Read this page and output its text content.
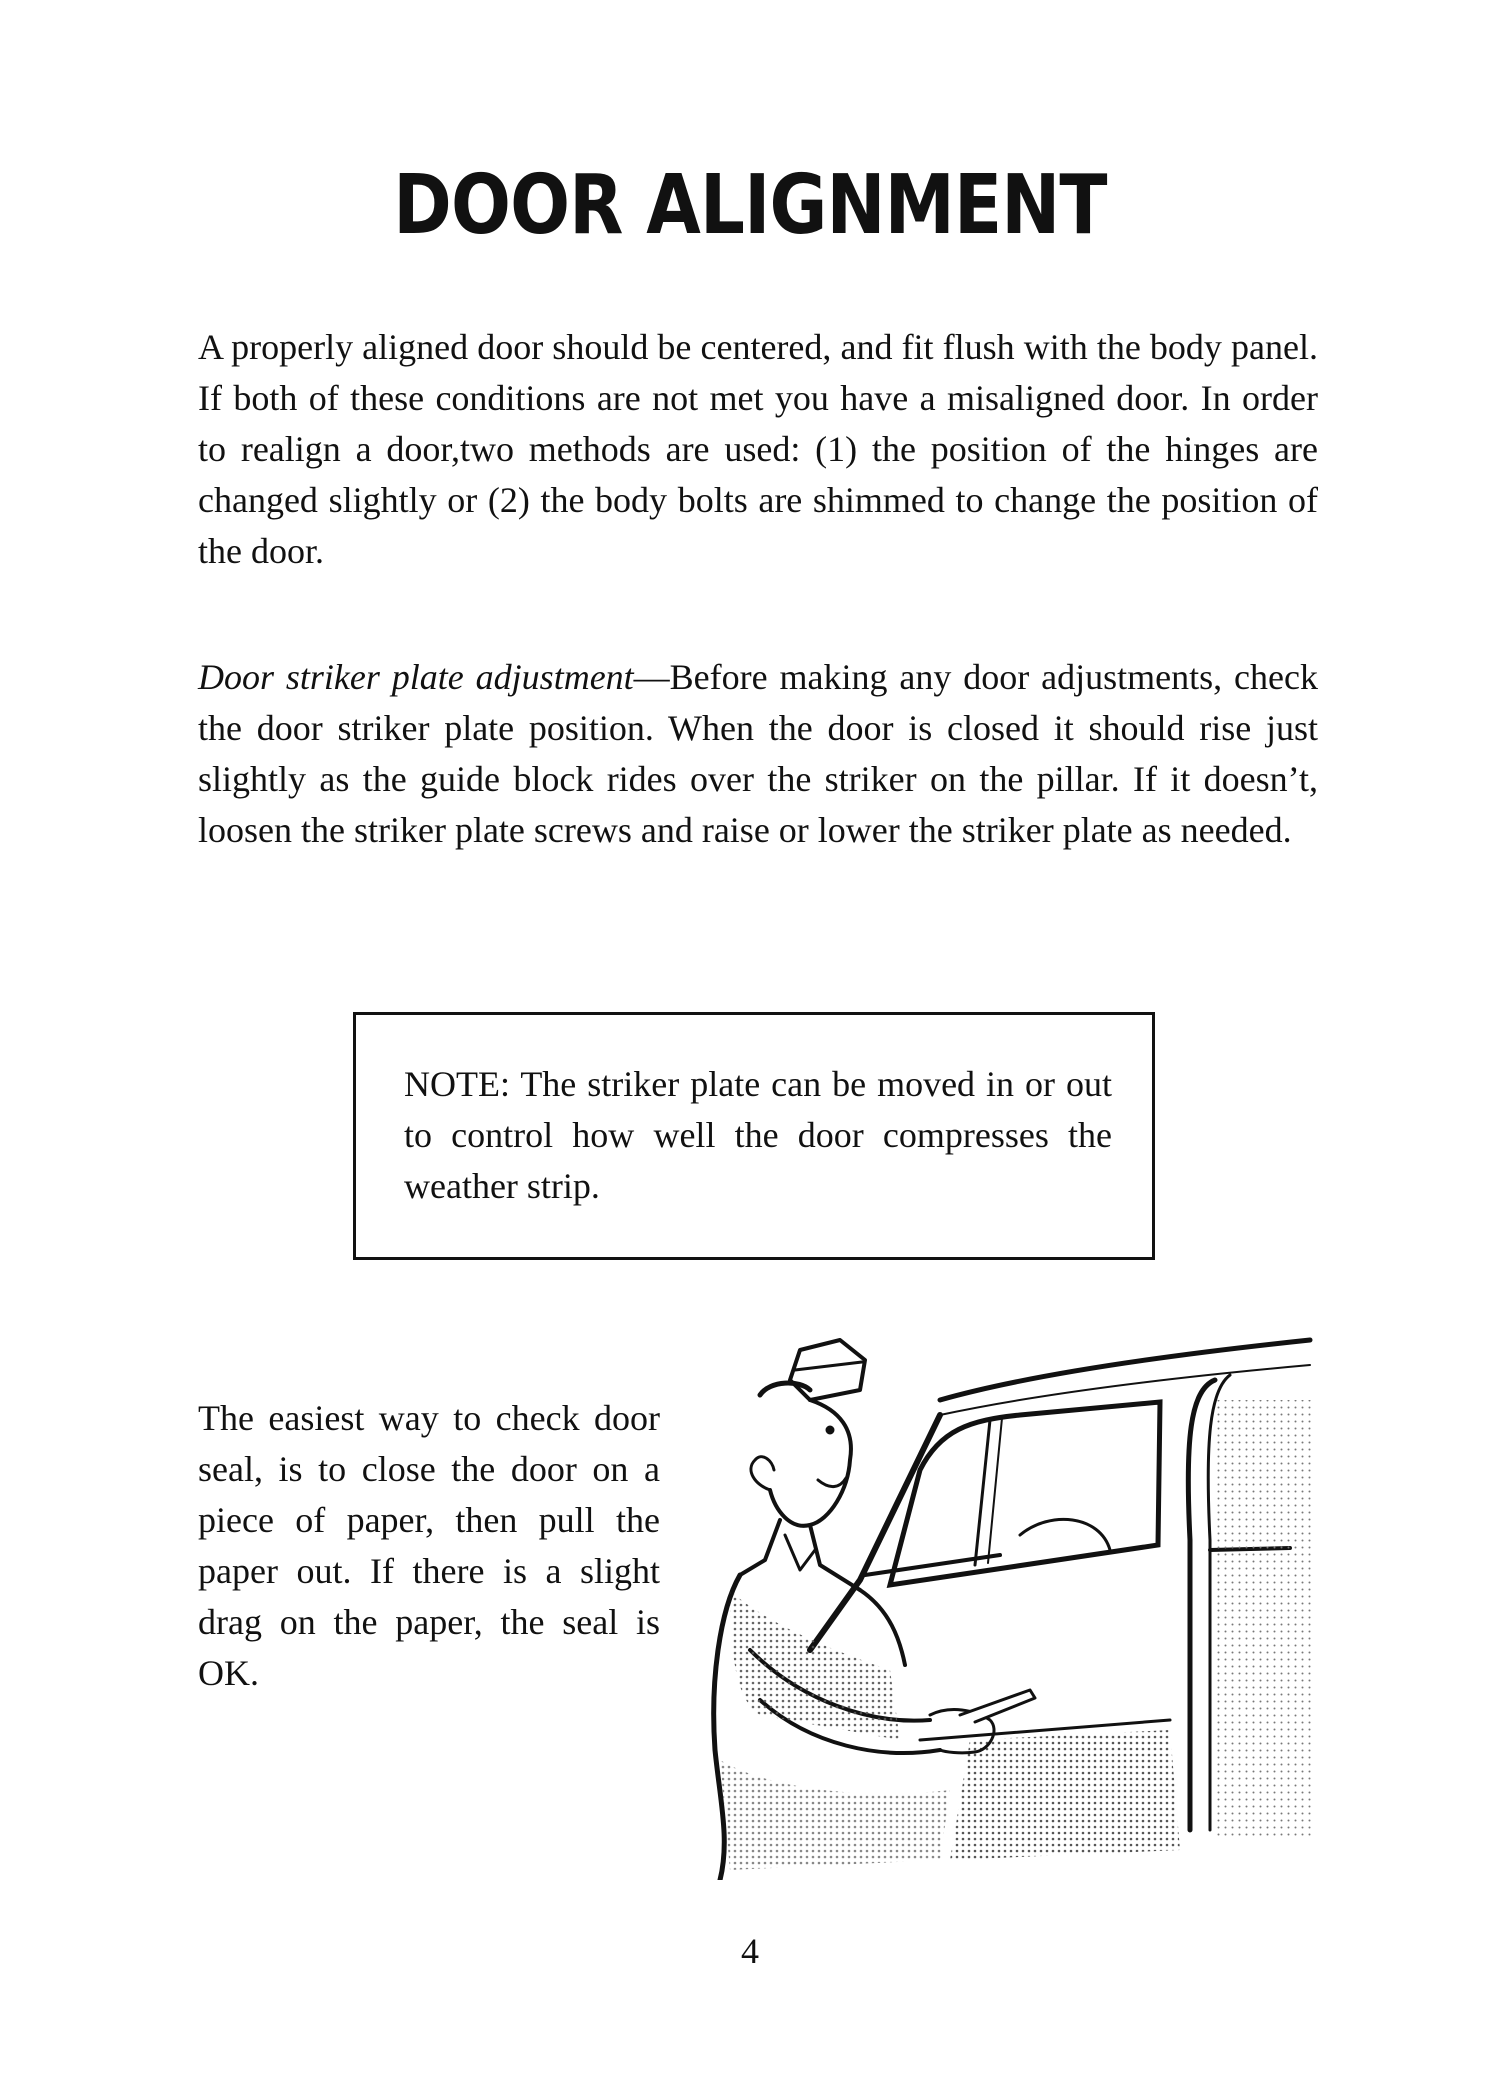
DOOR ALIGNMENT

A properly aligned door should be centered, and fit flush with the body panel. If both of these conditions are not met you have a misaligned door. In order to realign a door,two methods are used: (1) the position of the hinges are changed slightly or (2) the body bolts are shimmed to change the position of the door.

Door striker plate adjustment—Before making any door adjustments, check the door striker plate position. When the door is closed it should rise just slightly as the guide block rides over the striker on the pillar. If it doesn’t, loosen the striker plate screws and raise or lower the striker plate as needed.

NOTE: The striker plate can be moved in or out to control how well the door compresses the weather strip.

The easiest way to check door seal, is to close the door on a piece of paper, then pull the paper out. If there is a slight drag on the paper, the seal is OK.

4
